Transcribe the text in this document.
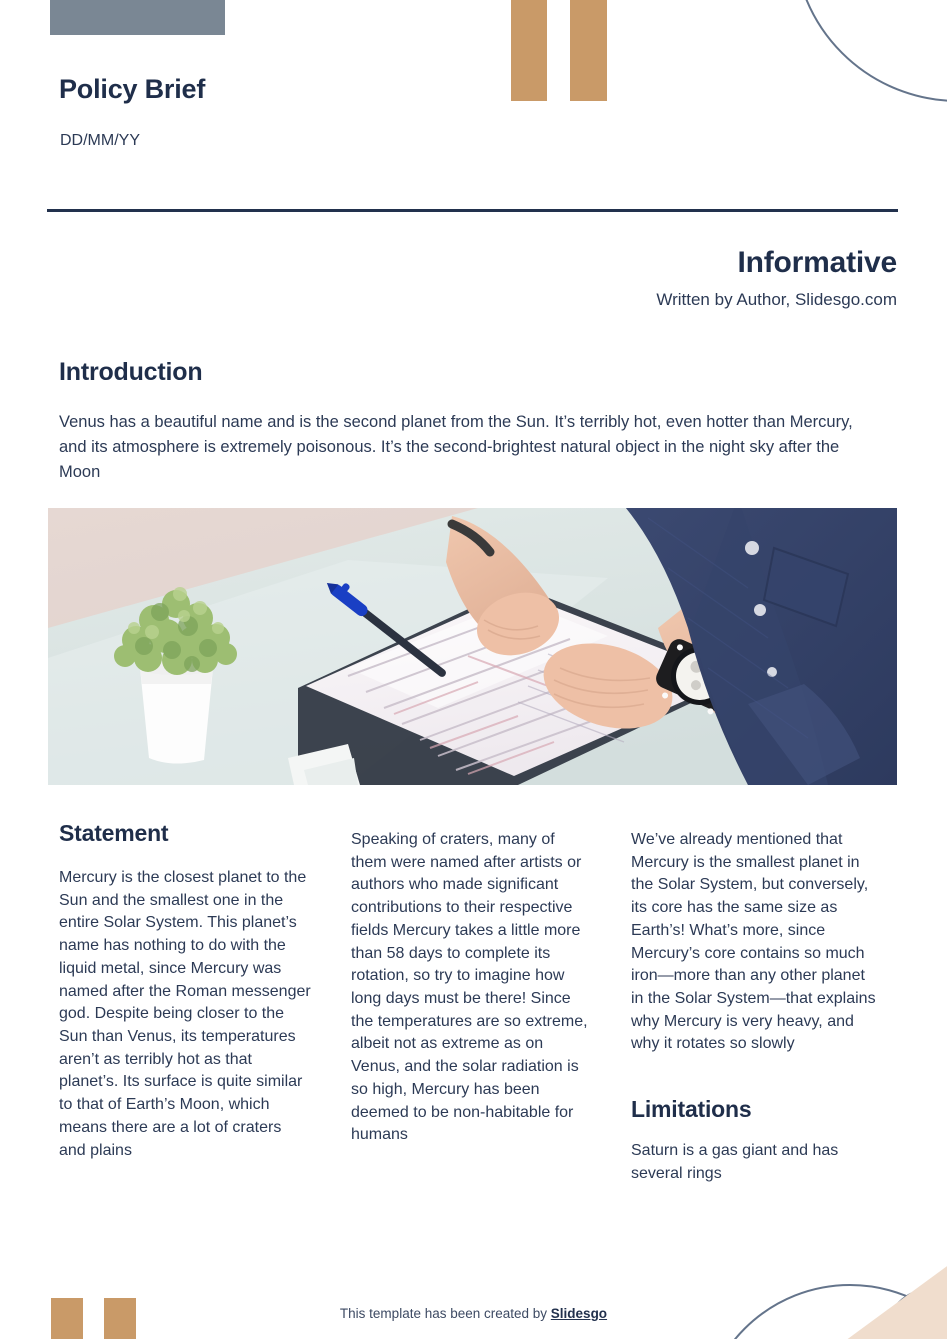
Policy Brief
DD/MM/YY
Informative
Written by Author, Slidesgo.com
Introduction
Venus has a beautiful name and is the second planet from the Sun. It’s terribly hot, even hotter than Mercury, and its atmosphere is extremely poisonous. It’s the second-brightest natural object in the night sky after the Moon
Statement
Mercury is the closest planet to the Sun and the smallest one in the entire Solar System. This planet’s name has nothing to do with the liquid metal, since Mercury was named after the Roman messenger god. Despite being closer to the Sun than Venus, its temperatures aren’t as terribly hot as that planet’s. Its surface is quite similar to that of Earth’s Moon, which means there are a lot of craters and plains
Speaking of craters, many of them were named after artists or authors who made significant contributions to their respective fields Mercury takes a little more than 58 days to complete its rotation, so try to imagine how long days must be there! Since the temperatures are so extreme, albeit not as extreme as on Venus, and the solar radiation is so high, Mercury has been deemed to be non-habitable for humans
We’ve already mentioned that Mercury is the smallest planet in the Solar System, but conversely, its core has the same size as Earth’s! What’s more, since Mercury’s core contains so much iron—more than any other planet in the Solar System—that explains why Mercury is very heavy, and why it rotates so slowly
Limitations
Saturn is a gas giant and has several rings
This template has been created by Slidesgo
